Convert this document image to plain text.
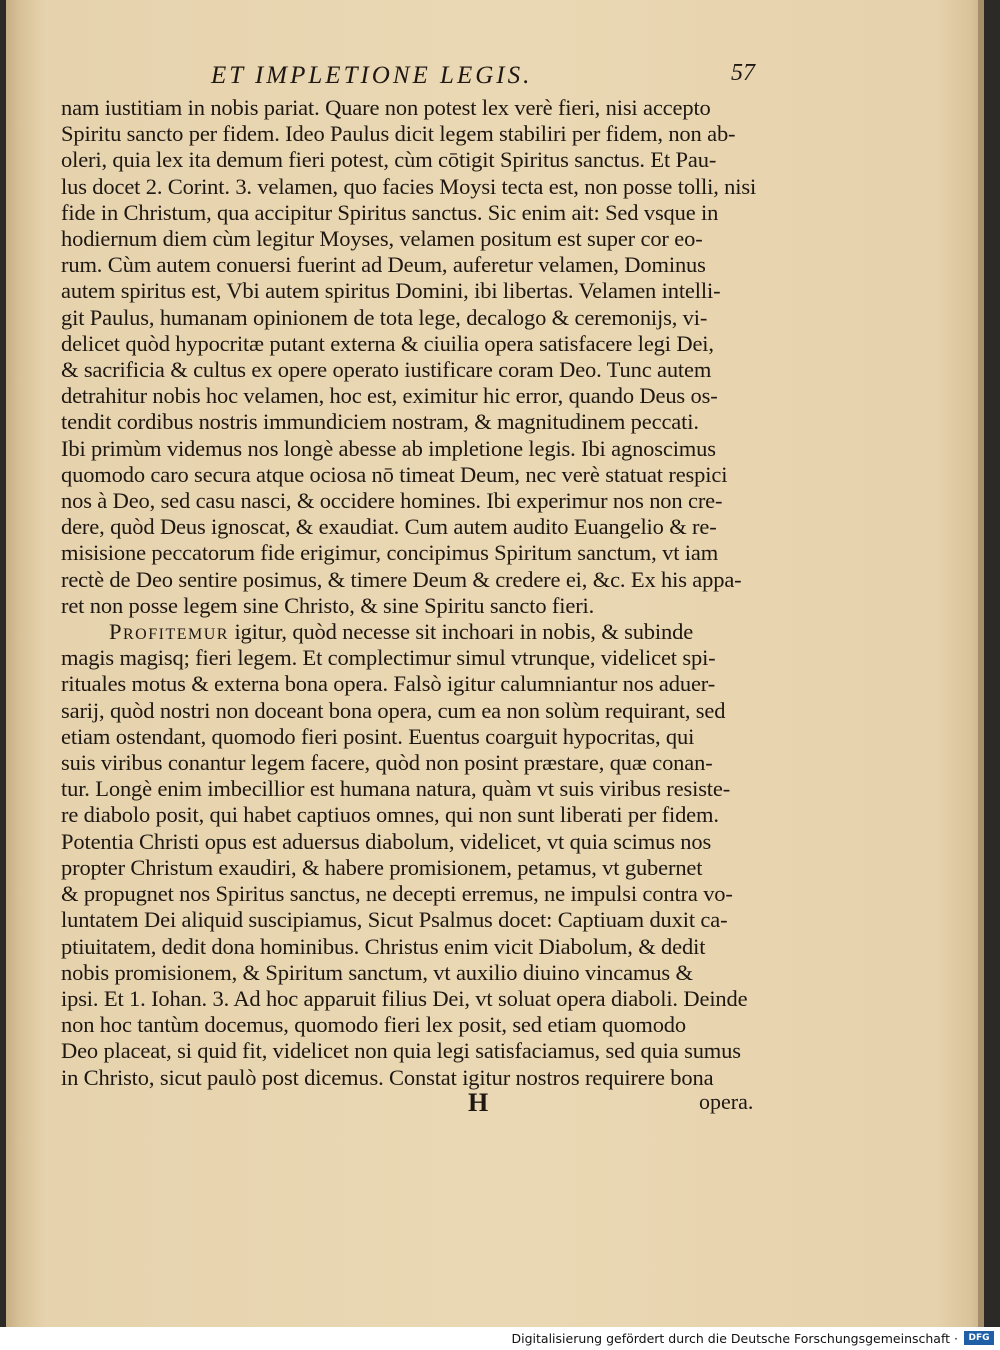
ET IMPLETIONE LEGIS.	57
nam iustitiam in nobis pariat. Quare non potest lex verè fieri, nisi accepto
Spiritu sancto per fidem. Ideo Paulus dicit legem stabiliri per fidem, non ab-
oleri, quia lex ita demum fieri potest, cùm cōtigit Spiritus sanctus. Et Pau-
lus docet 2. Corint. 3. velamen, quo facies Moysi tecta est, non posse tolli, nisi
fide in Christum, qua accipitur Spiritus sanctus. Sic enim ait: Sed vsque in
hodiernum diem cùm legitur Moyses, velamen positum est super cor eo-
rum. Cùm autem conuersi fuerint ad Deum, auferetur velamen, Dominus
autem spiritus est, Vbi autem spiritus Domini, ibi libertas. Velamen intelli-
git Paulus, humanam opinionem de tota lege, decalogo & ceremonijs, vi-
delicet quòd hypocritæ putant externa & ciuilia opera satisfacere legi Dei,
& sacrificia & cultus ex opere operato iustificare coram Deo. Tunc autem
detrahitur nobis hoc velamen, hoc est, eximitur hic error, quando Deus os-
tendit cordibus nostris immundiciem nostram, & magnitudinem peccati.
Ibi primùm videmus nos longè abesse ab impletione legis. Ibi agnoscimus
quomodo caro secura atque ociosa nō timeat Deum, nec verè statuat respici
nos à Deo, sed casu nasci, & occidere homines. Ibi experimur nos non cre-
dere, quòd Deus ignoscat, & exaudiat. Cum autem audito Euangelio & re-
misisione peccatorum fide erigimur, concipimus Spiritum sanctum, vt iam
rectè de Deo sentire posimus, & timere Deum & credere ei, &c. Ex his appa-
ret non posse legem sine Christo, & sine Spiritu sancto fieri.
Profitemur igitur, quòd necesse sit inchoari in nobis, & subinde
magis magisq; fieri legem. Et complectimur simul vtrunque, videlicet spi-
rituales motus & externa bona opera. Falsò igitur calumniantur nos aduer-
sarij, quòd nostri non doceant bona opera, cum ea non solùm requirant, sed
etiam ostendant, quomodo fieri posint. Euentus coarguit hypocritas, qui
suis viribus conantur legem facere, quòd non posint præstare, quæ conan-
tur. Longè enim imbecillior est humana natura, quàm vt suis viribus resiste-
re diabolo posit, qui habet captiuos omnes, qui non sunt liberati per fidem.
Potentia Christi opus est aduersus diabolum, videlicet, vt quia scimus nos
propter Christum exaudiri, & habere promisionem, petamus, vt gubernet
& propugnet nos Spiritus sanctus, ne decepti erremus, ne impulsi contra vo-
luntatem Dei aliquid suscipiamus, Sicut Psalmus docet: Captiuam duxit ca-
ptiuitatem, dedit dona hominibus. Christus enim vicit Diabolum, & dedit
nobis promisionem, & Spiritum sanctum, vt auxilio diuino vincamus &
ipsi. Et 1. Iohan. 3. Ad hoc apparuit filius Dei, vt soluat opera diaboli. Deinde
non hoc tantùm docemus, quomodo fieri lex posit, sed etiam quomodo
Deo placeat, si quid fit, videlicet non quia legi satisfaciamus, sed quia sumus
in Christo, sicut paulò post dicemus. Constat igitur nostros requirere bona
H	opera.
Digitalisierung gefördert durch die Deutsche Forschungsgemeinschaft ·	DFG
